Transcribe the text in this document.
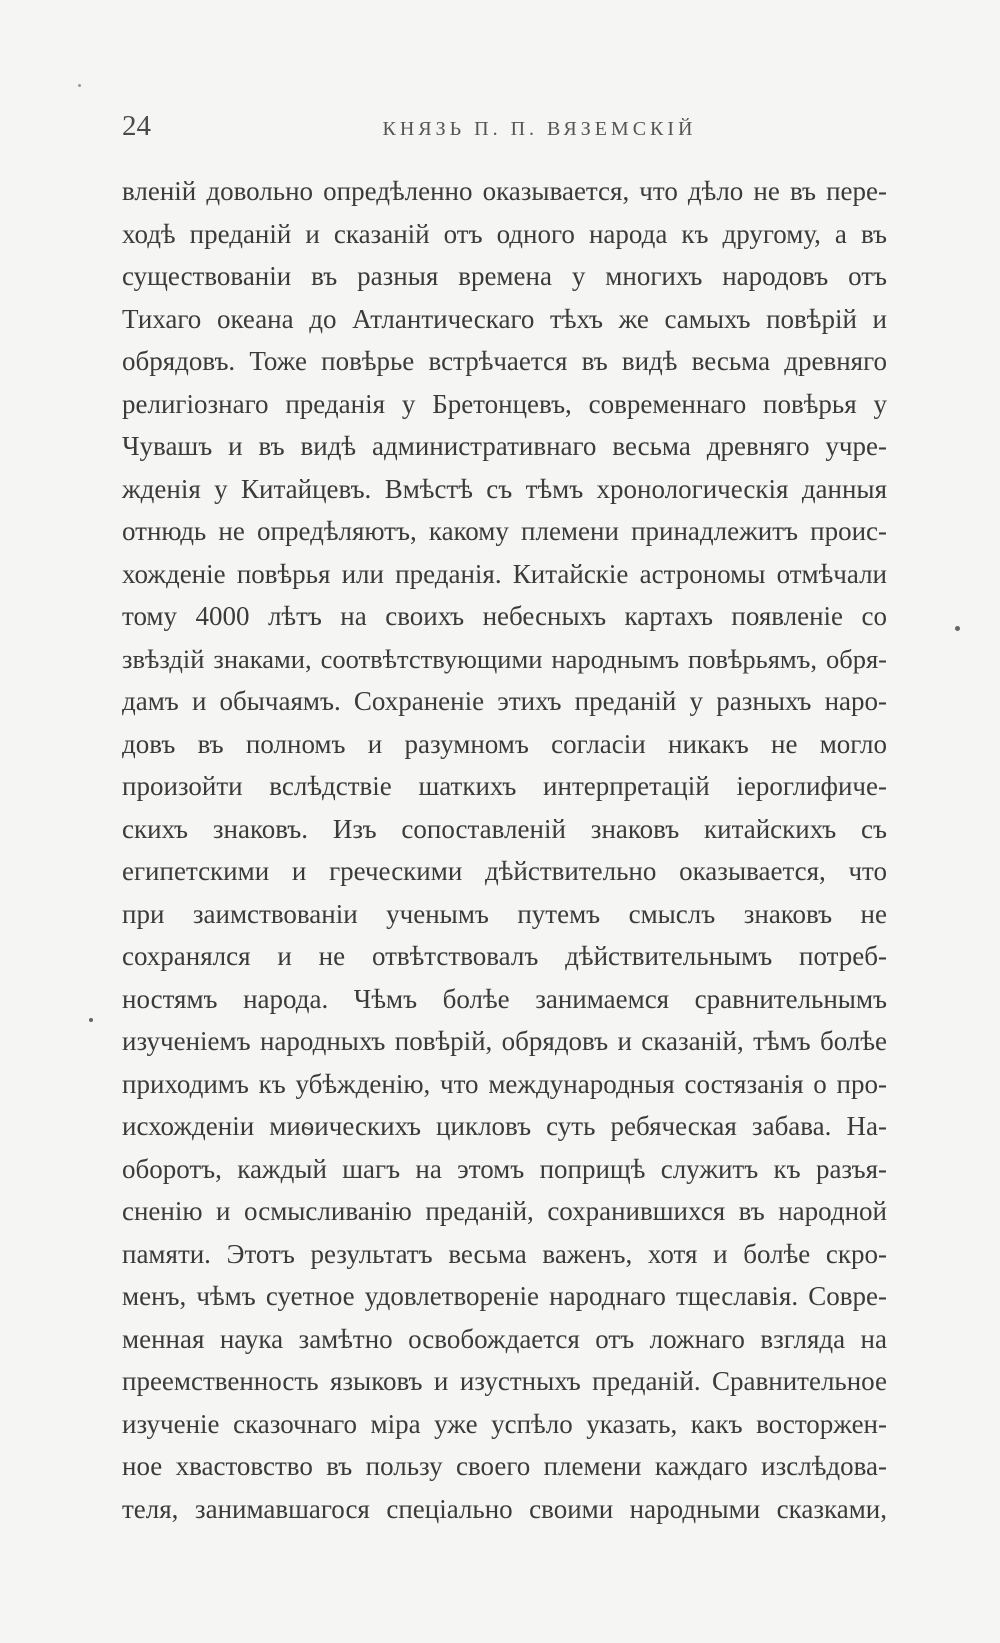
24	КНЯЗЬ П. П. ВЯЗЕМСКІЙ
вленій довольно опредѣленно оказывается, что дѣло не въ пере-
ходѣ преданій и сказаній отъ одного народа къ другому, а въ
существованіи въ разныя времена у многихъ народовъ отъ
Тихаго океана до Атлантическаго тѣхъ же самыхъ повѣрій и
обрядовъ. Тоже повѣрье встрѣчается въ видѣ весьма древняго
религіознаго преданія у Бретонцевъ, современнаго повѣрья у
Чувашъ и въ видѣ административнаго весьма древняго учре-
жденія у Китайцевъ. Вмѣстѣ съ тѣмъ хронологическія данныя
отнюдь не опредѣляютъ, какому племени принадлежитъ проис-
хожденіе повѣрья или преданія. Китайскіе астрономы отмѣчали
тому 4000 лѣтъ на своихъ небесныхъ картахъ появленіе со
звѣздій знаками, соотвѣтствующими народнымъ повѣрьямъ, обря-
дамъ и обычаямъ. Сохраненіе этихъ преданій у разныхъ наро-
довъ въ полномъ и разумномъ согласіи никакъ не могло
произойти вслѣдствіе шаткихъ интерпретацій іероглифиче-
скихъ знаковъ. Изъ сопоставленій знаковъ китайскихъ съ
египетскими и греческими дѣйствительно оказывается, что
при заимствованіи ученымъ путемъ смыслъ знаковъ не
сохранялся и не отвѣтствовалъ дѣйствительнымъ потреб-
ностямъ народа. Чѣмъ болѣе занимаемся сравнительнымъ
изученіемъ народныхъ повѣрій, обрядовъ и сказаній, тѣмъ болѣе
приходимъ къ убѣжденію, что международныя состязанія о про-
исхожденіи миѳическихъ цикловъ суть ребяческая забава. На-
оборотъ, каждый шагъ на этомъ поприщѣ служитъ къ разъя-
сненію и осмысливанію преданій, сохранившихся въ народной
памяти. Этотъ результатъ весьма важенъ, хотя и болѣе скро-
менъ, чѣмъ суетное удовлетвореніе народнаго тщеславія. Совре-
менная наука замѣтно освобождается отъ ложнаго взгляда на
преемственность языковъ и изустныхъ преданій. Сравнительное
изученіе сказочнаго міра уже успѣло указать, какъ восторжен-
ное хвастовство въ пользу своего племени каждаго изслѣдова-
теля, занимавшагося спеціально своими народными сказками,
